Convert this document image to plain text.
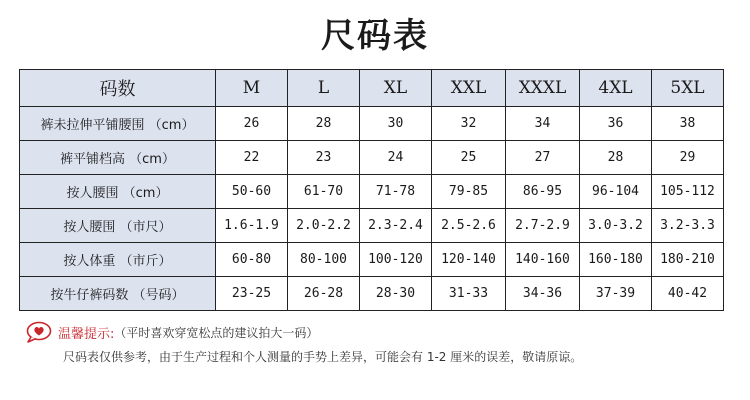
尺码表
码数	M	L	XL	XXL	XXXL	4XL	5XL
裤未拉伸平铺腰围 （cm）	26	28	30	32	34	36	38
裤平铺档高 （cm）	22	23	24	25	27	28	29
按人腰围 （cm）	50-60	61-70	71-78	79-85	86-95	96-104	105-112
按人腰围 （市尺）	1.6-1.9	2.0-2.2	2.3-2.4	2.5-2.6	2.7-2.9	3.0-3.2	3.2-3.3
按人体重 （市斤）	60-80	80-100	100-120	120-140	140-160	160-180	180-210
按牛仔裤码数 （号码）	23-25	26-28	28-30	31-33	34-36	37-39	40-42
温馨提示: （平时喜欢穿宽松点的建议拍大一码）
尺码表仅供参考，由于生产过程和个人测量的手势上差异，可能会有 1-2 厘米的误差，敬请原谅。
